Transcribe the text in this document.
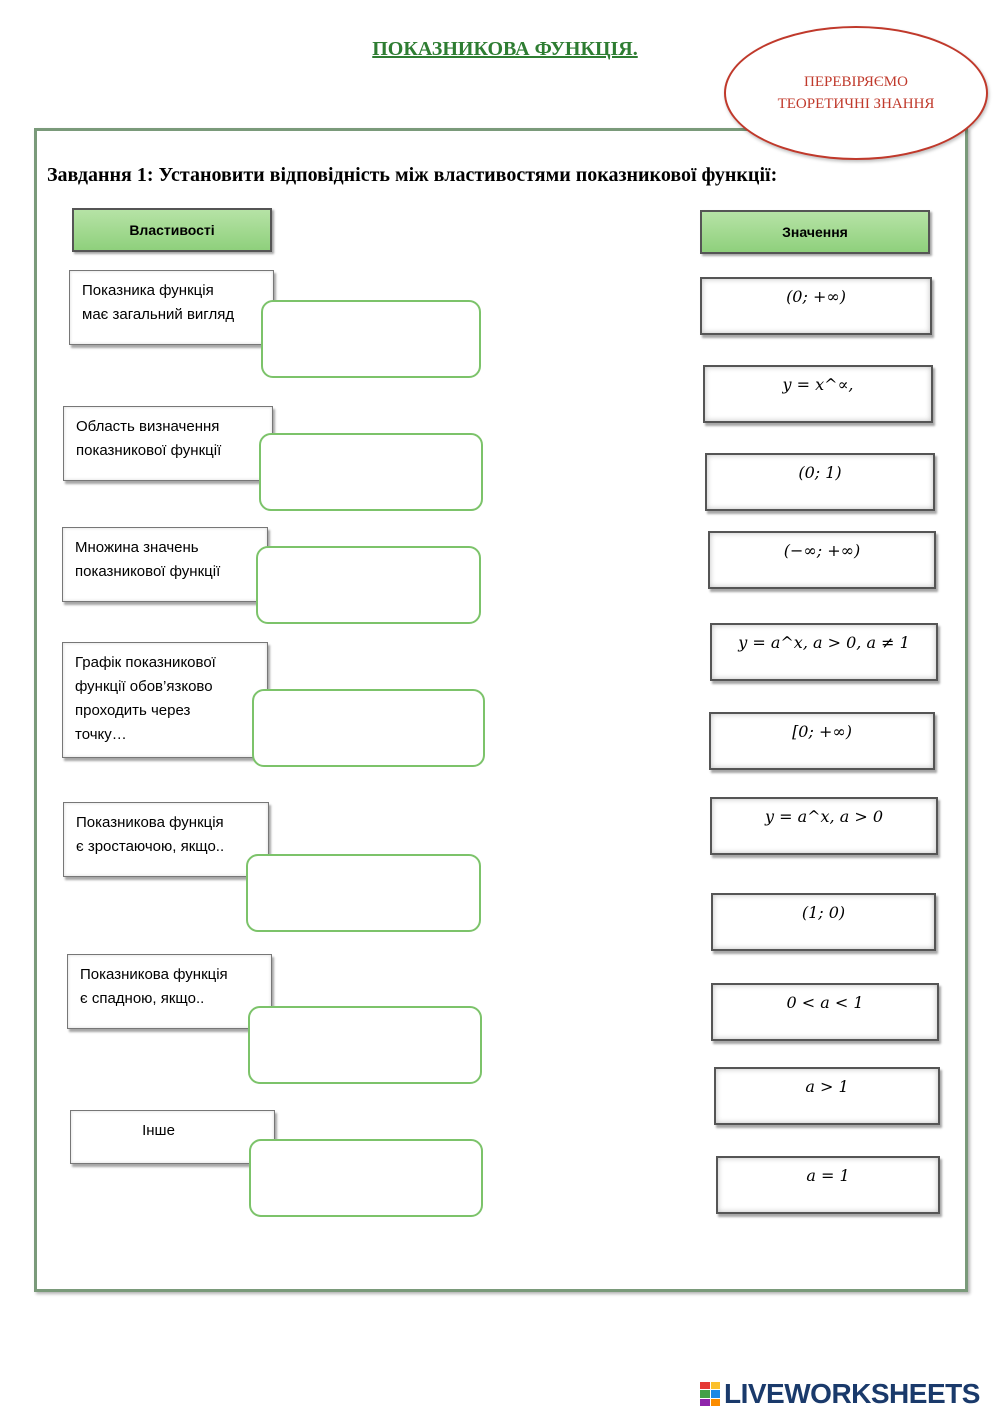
ПОКАЗНИКОВА ФУНКЦІЯ.
ПЕРЕВІРЯЄМО
ТЕОРЕТИЧНІ ЗНАННЯ
Завдання 1: Установити відповідність між властивостями показникової функції:
Властивості	Значення
Показника функція
має загальний вигляд
Область визначення
показникової функції
Множина значень
показникової функції
Графік показникової
функції обов’язково
проходить через
точку…
Показникова функція
є зростаючою, якщо..
Показникова функція
є спадною, якщо..
Інше
(0; +∞)
y = x^∝,
(0; 1)
(−∞; +∞)
y = a^x, a > 0, a ≠ 1
[0; +∞)
y = a^x, a > 0
(1; 0)
0 < a < 1
a > 1
a = 1
LIVEWORKSHEETS
